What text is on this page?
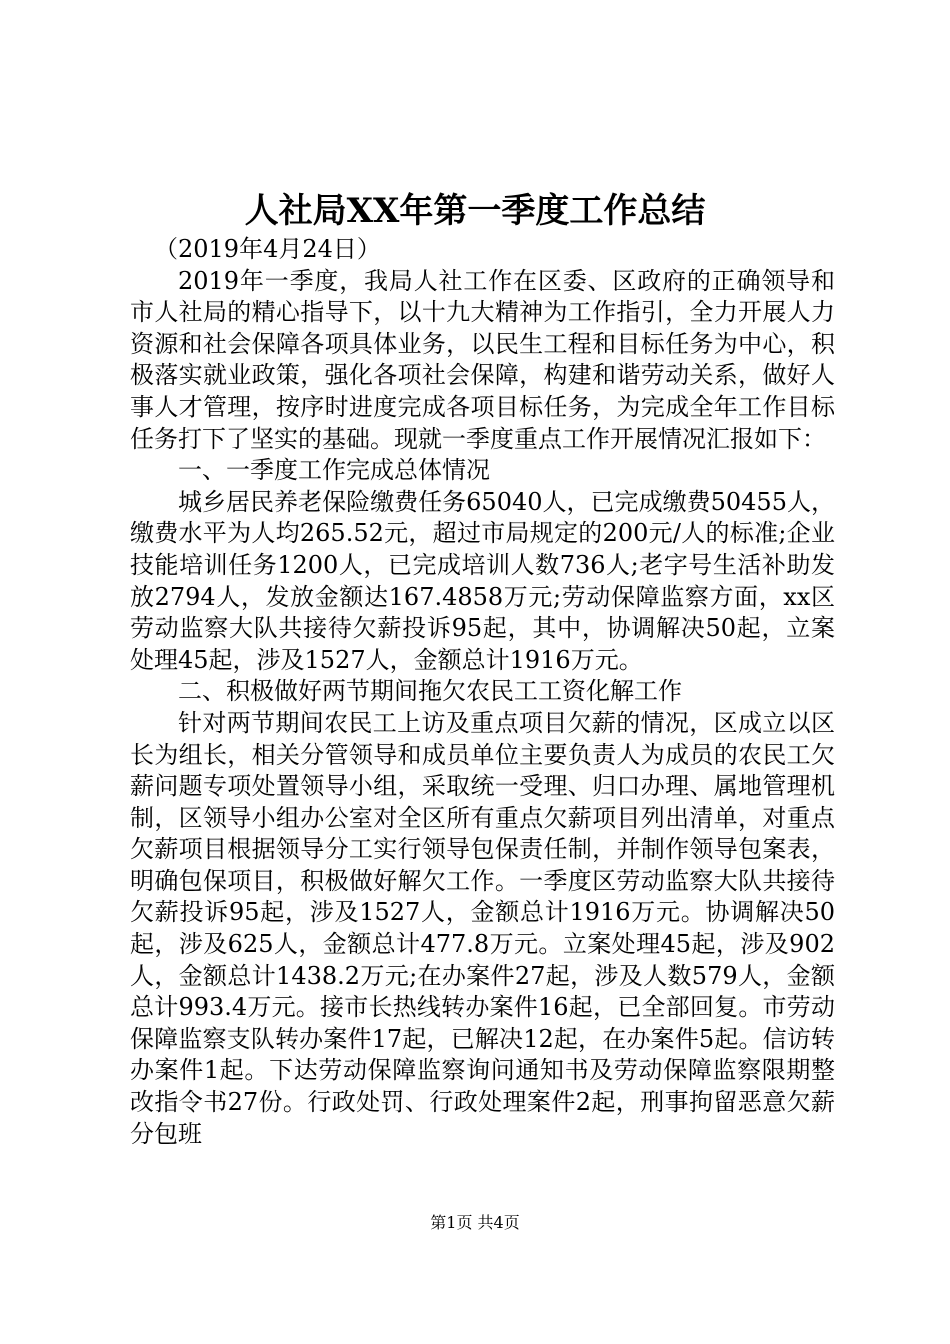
人社局XX年第一季度工作总结

（2019年4月24日）

2019年一季度，我局人社工作在区委、区政府的正确领导和市人社局的精心指导下，以十九大精神为工作指引，全力开展人力资源和社会保障各项具体业务，以民生工程和目标任务为中心，积极落实就业政策，强化各项社会保障，构建和谐劳动关系，做好人事人才管理，按序时进度完成各项目标任务，为完成全年工作目标任务打下了坚实的基础。现就一季度重点工作开展情况汇报如下：

一、一季度工作完成总体情况

城乡居民养老保险缴费任务65040人，已完成缴费50455人，缴费水平为人均265.52元，超过市局规定的200元/人的标准;企业技能培训任务1200人，已完成培训人数736人;老字号生活补助发放2794人，发放金额达167.4858万元;劳动保障监察方面，xx区劳动监察大队共接待欠薪投诉95起，其中，协调解决50起，立案处理45起，涉及1527人，金额总计1916万元。

二、积极做好两节期间拖欠农民工工资化解工作

针对两节期间农民工上访及重点项目欠薪的情况，区成立以区长为组长，相关分管领导和成员单位主要负责人为成员的农民工欠薪问题专项处置领导小组，采取统一受理、归口办理、属地管理机制，区领导小组办公室对全区所有重点欠薪项目列出清单，对重点欠薪项目根据领导分工实行领导包保责任制，并制作领导包案表，明确包保项目，积极做好解欠工作。一季度区劳动监察大队共接待欠薪投诉95起，涉及1527人，金额总计1916万元。协调解决50起，涉及625人，金额总计477.8万元。立案处理45起，涉及902人，金额总计1438.2万元;在办案件27起，涉及人数579人，金额总计993.4万元。接市长热线转办案件16起，已全部回复。市劳动保障监察支队转办案件17起，已解决12起，在办案件5起。信访转办案件1起。下达劳动保障监察询问通知书及劳动保障监察限期整改指令书27份。行政处罚、行政处理案件2起，刑事拘留恶意欠薪分包班

第1页 共4页
